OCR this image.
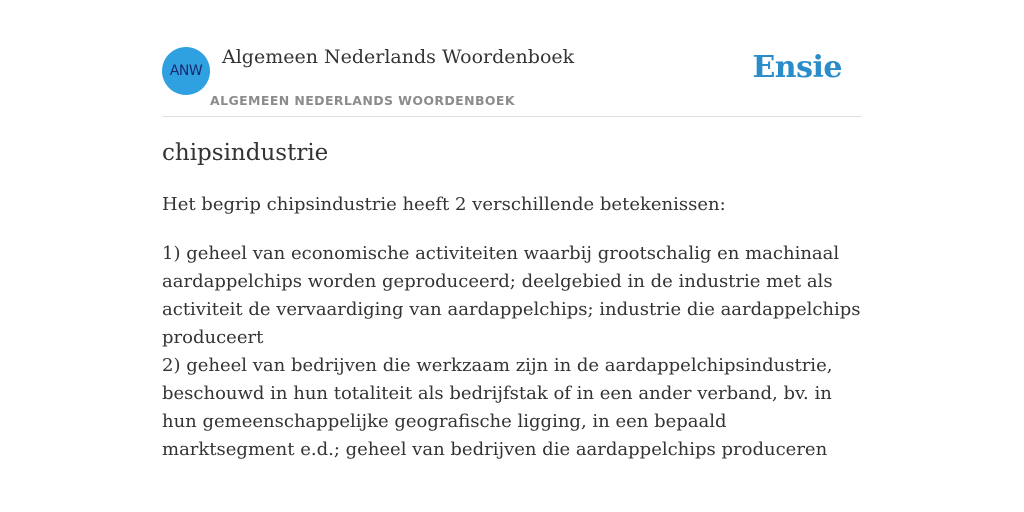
ANW
Algemeen Nederlands Woordenboek
ALGEMEEN NEDERLANDS WOORDENBOEK
Ensie
chipsindustrie

Het begrip chipsindustrie heeft 2 verschillende betekenissen:

1) geheel van economische activiteiten waarbij grootschalig en machinaal aardappelchips worden geproduceerd; deelgebied in de industrie met als activiteit de vervaardiging van aardappelchips; industrie die aardappelchips produceert

2) geheel van bedrijven die werkzaam zijn in de aardappelchipsindustrie, beschouwd in hun totaliteit als bedrijfstak of in een ander verband, bv. in hun gemeenschappelijke geografische ligging, in een bepaald marktsegment e.d.; geheel van bedrijven die aardappelchips produceren
